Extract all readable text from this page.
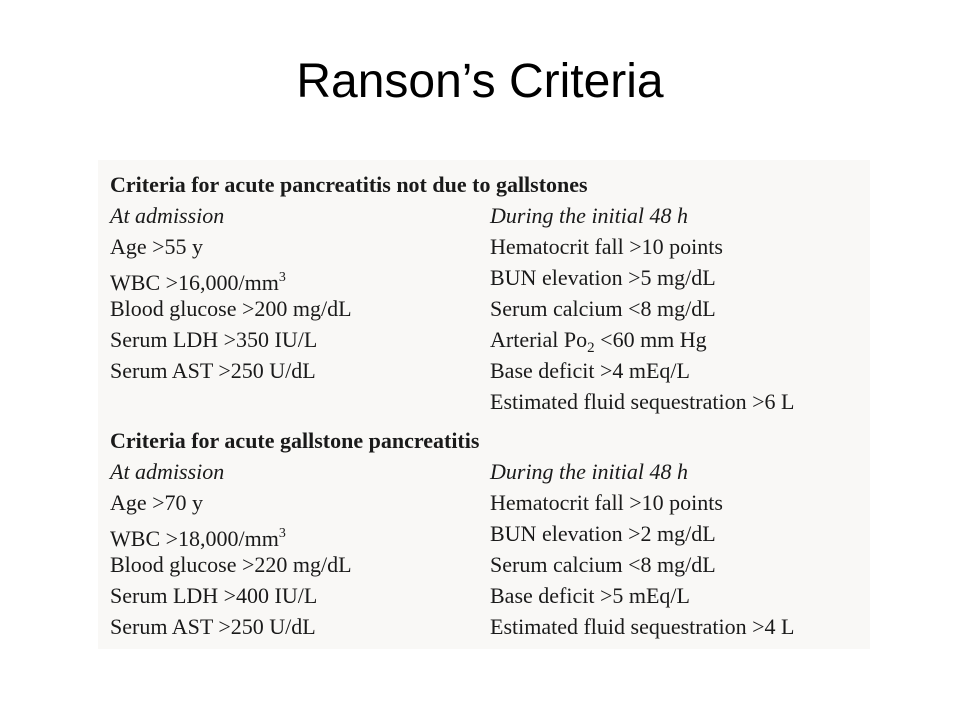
Ranson’s Criteria
Criteria for acute pancreatitis not due to gallstones
At admission
Age >55 y
WBC $>16,000/mm^3$
Blood glucose >200 mg/dL
Serum LDH >350 IU/L
Serum AST >250 U/dL
During the initial 48 h
Hematocrit fall >10 points
BUN elevation >5 mg/dL
Serum calcium <8 mg/dL
Arterial $Po_2 <60$ mm Hg
Base deficit >4 mEq/L
Estimated fluid sequestration >6 L
Criteria for acute gallstone pancreatitis
At admission
Age >70 y
WBC $>18,000/mm^3$
Blood glucose >220 mg/dL
Serum LDH >400 IU/L
Serum AST >250 U/dL
During the initial 48 h
Hematocrit fall >10 points
BUN elevation >2 mg/dL
Serum calcium <8 mg/dL
Base deficit >5 mEq/L
Estimated fluid sequestration >4 L
